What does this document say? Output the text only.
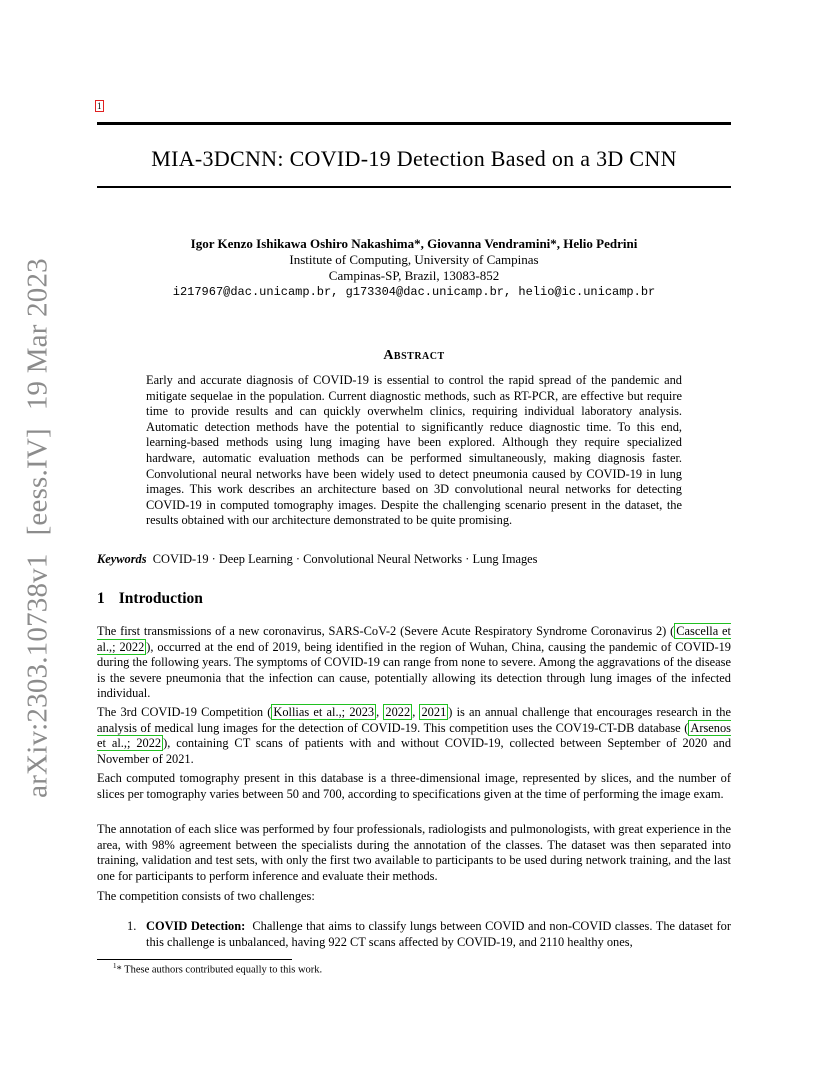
arXiv:2303.10738v1[eess.IV]19 Mar 2023
1
MIA-3DCNN: COVID-19 Detection Based on a 3D CNN
Igor Kenzo Ishikawa Oshiro Nakashima*, Giovanna Vendramini*, Helio Pedrini
Institute of Computing, University of Campinas
Campinas-SP, Brazil, 13083-852
i217967@dac.unicamp.br, g173304@dac.unicamp.br, helio@ic.unicamp.br
Abstract
Early and accurate diagnosis of COVID-19 is essential to control the rapid spread of the pandemic and mitigate sequelae in the population. Current diagnostic methods, such as RT-PCR, are effective but require time to provide results and can quickly overwhelm clinics, requiring individual laboratory analysis. Automatic detection methods have the potential to significantly reduce diagnostic time. To this end, learning-based methods using lung imaging have been explored. Although they require specialized hardware, automatic evaluation methods can be performed simultaneously, making diagnosis faster. Convolutional neural networks have been widely used to detect pneumonia caused by COVID-19 in lung images. This work describes an architecture based on 3D convolutional neural networks for detecting COVID-19 in computed tomography images. Despite the challenging scenario present in the dataset, the results obtained with our architecture demonstrated to be quite promising.
Keywords COVID-19 · Deep Learning · Convolutional Neural Networks · Lung Images
1 Introduction
The first transmissions of a new coronavirus, SARS-CoV-2 (Severe Acute Respiratory Syndrome Coronavirus 2) ( Cascella et al.,; 2022 ), occurred at the end of 2019, being identified in the region of Wuhan, China, causing the pandemic of COVID-19 during the following years. The symptoms of COVID-19 can range from none to severe. Among the aggravations of the disease is the severe pneumonia that the infection can cause, potentially allowing its detection through lung images of the infected individual.
The 3rd COVID-19 Competition ( Kollias et al.,; 2023 , 2022 , 2021 ) is an annual challenge that encourages research in the analysis of medical lung images for the detection of COVID-19. This competition uses the COV19-CT-DB database ( Arsenos et al.,; 2022 ), containing CT scans of patients with and without COVID-19, collected between September of 2020 and November of 2021.
Each computed tomography present in this database is a three-dimensional image, represented by slices, and the number of slices per tomography varies between 50 and 700, according to specifications given at the time of performing the image exam.
The annotation of each slice was performed by four professionals, radiologists and pulmonologists, with great experience in the area, with 98% agreement between the specialists during the annotation of the classes. The dataset was then separated into training, validation and test sets, with only the first two available to participants to be used during network training, and the last one for participants to perform inference and evaluate their methods.
The competition consists of two challenges:
1. COVID Detection: Challenge that aims to classify lungs between COVID and non-COVID classes. The dataset for this challenge is unbalanced, having 922 CT scans affected by COVID-19, and 2110 healthy ones,
$^1$* These authors contributed equally to this work.
